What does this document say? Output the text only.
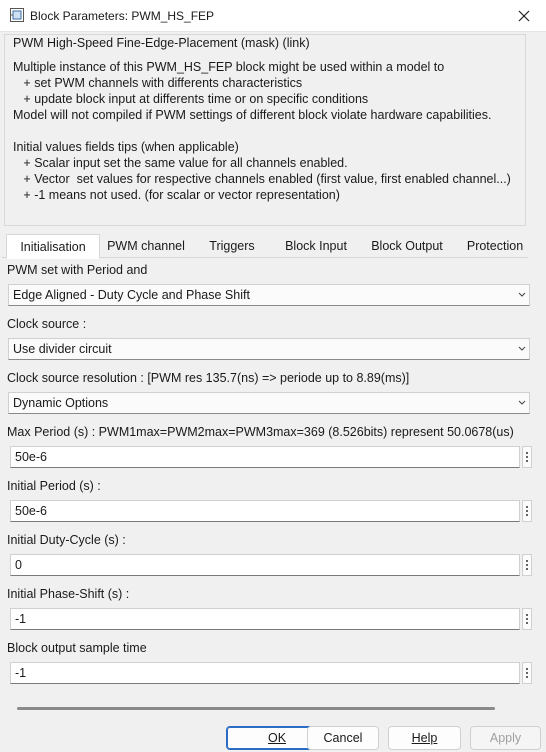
Block Parameters: PWM_HS_FEP
PWM High-Speed Fine-Edge-Placement (mask) (link)
Multiple instance of this PWM_HS_FEP block might be used within a model to
+ set PWM channels with differents characteristics
+ update block input at differents time or on specific conditions
Model will not compiled if PWM settings of different block violate hardware capabilities.
Initial values fields tips (when applicable)
+ Scalar input set the same value for all channels enabled.
+ Vector  set values for respective channels enabled (first value, first enabled channel...)
+ -1 means not used. (for scalar or vector representation)
Initialisation	PWM channel	Triggers	Block Input	Block Output	Protection
PWM set with Period and
Edge Aligned - Duty Cycle and Phase Shift
Clock source :
Use divider circuit
Clock source resolution : [PWM res 135.7(ns) => periode up to 8.89(ms)]
Dynamic Options
Max Period (s) : PWM1max=PWM2max=PWM3max=369 (8.526bits) represent 50.0678(us)
50e-6
Initial Period (s) :
50e-6
Initial Duty-Cycle (s) :
0
Initial Phase-Shift (s) :
-1
Block output sample time
-1
OK	Cancel	Help	Apply
